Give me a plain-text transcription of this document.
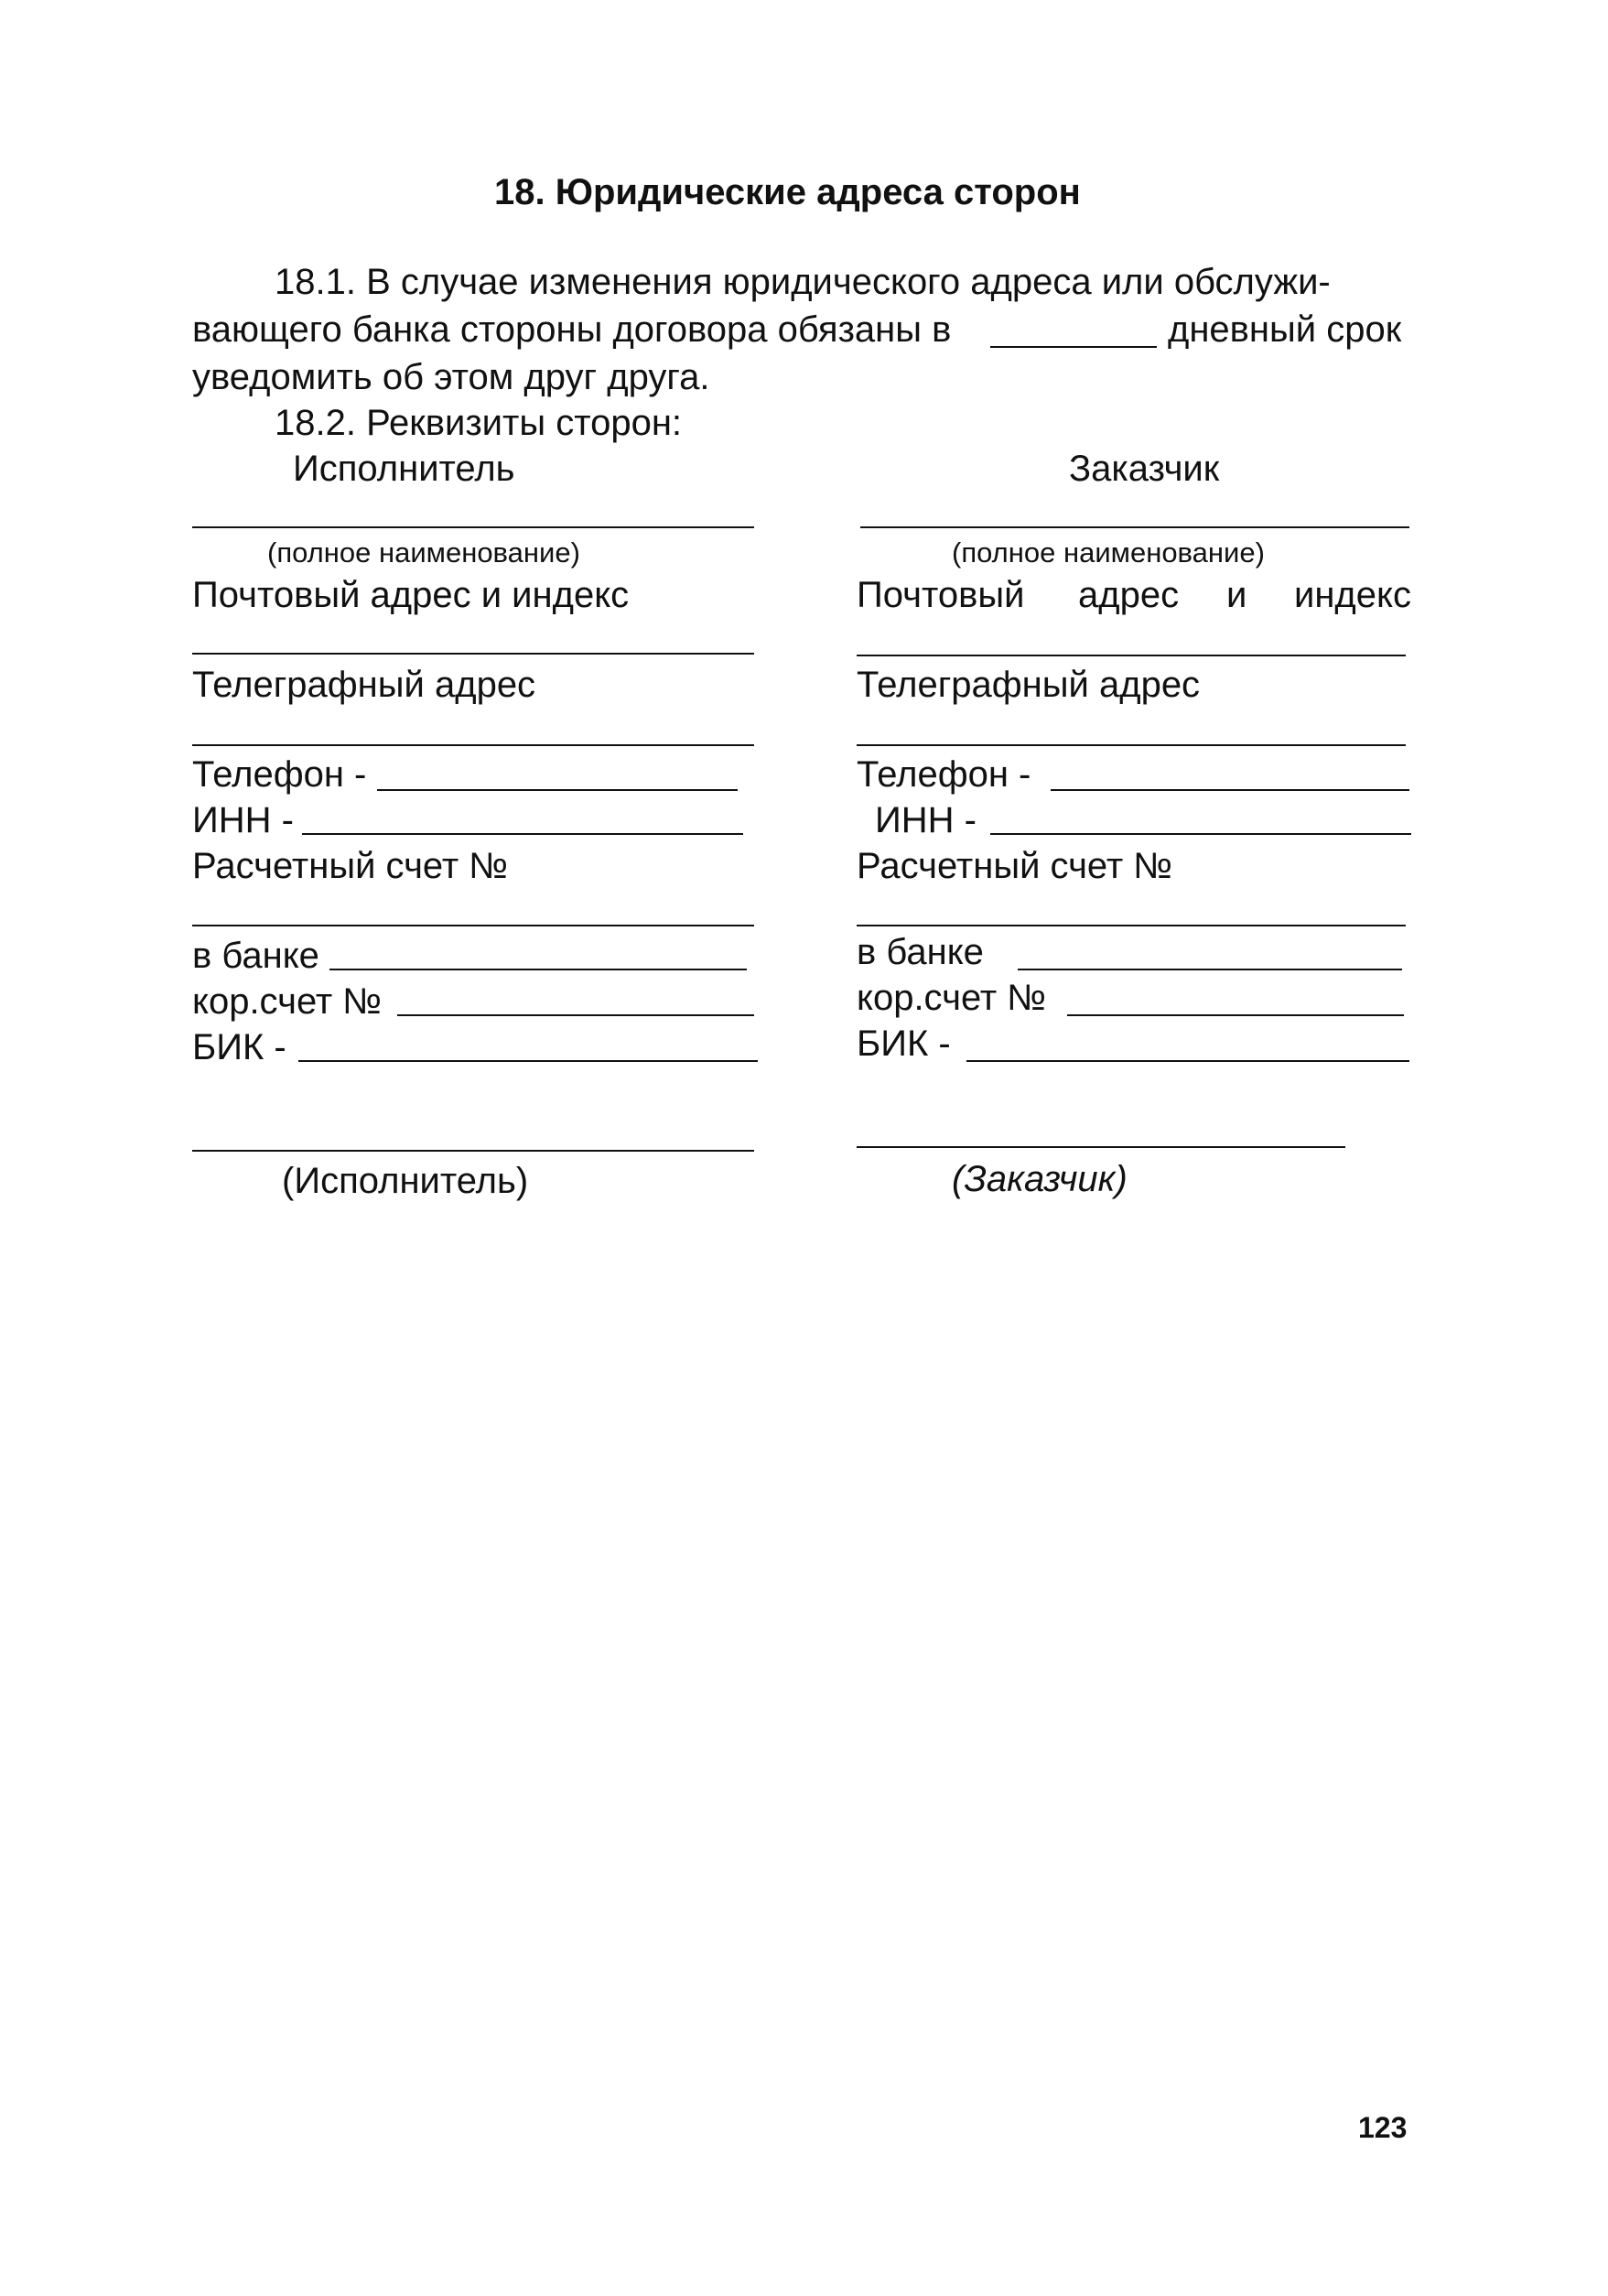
18. Юридические адреса сторон
18.1. В случае изменения юридического адреса или обслужи-
вающего банка стороны договора обязаны в	дневный срок
уведомить об этом друг друга.
18.2. Реквизиты сторон:
Исполнитель	Заказчик
(полное наименование)
Почтовый адрес и индекс
Телеграфный адрес
Телефон -
ИНН -
Расчетный счет №
в банке
кор.счет №
БИК -
(Исполнитель)
(полное наименование)
Почтовый адрес и индекс
Телеграфный адрес
Телефон -
ИНН -
Расчетный счет №
в банке
кор.счет №
БИК -
(Заказчик)
123
